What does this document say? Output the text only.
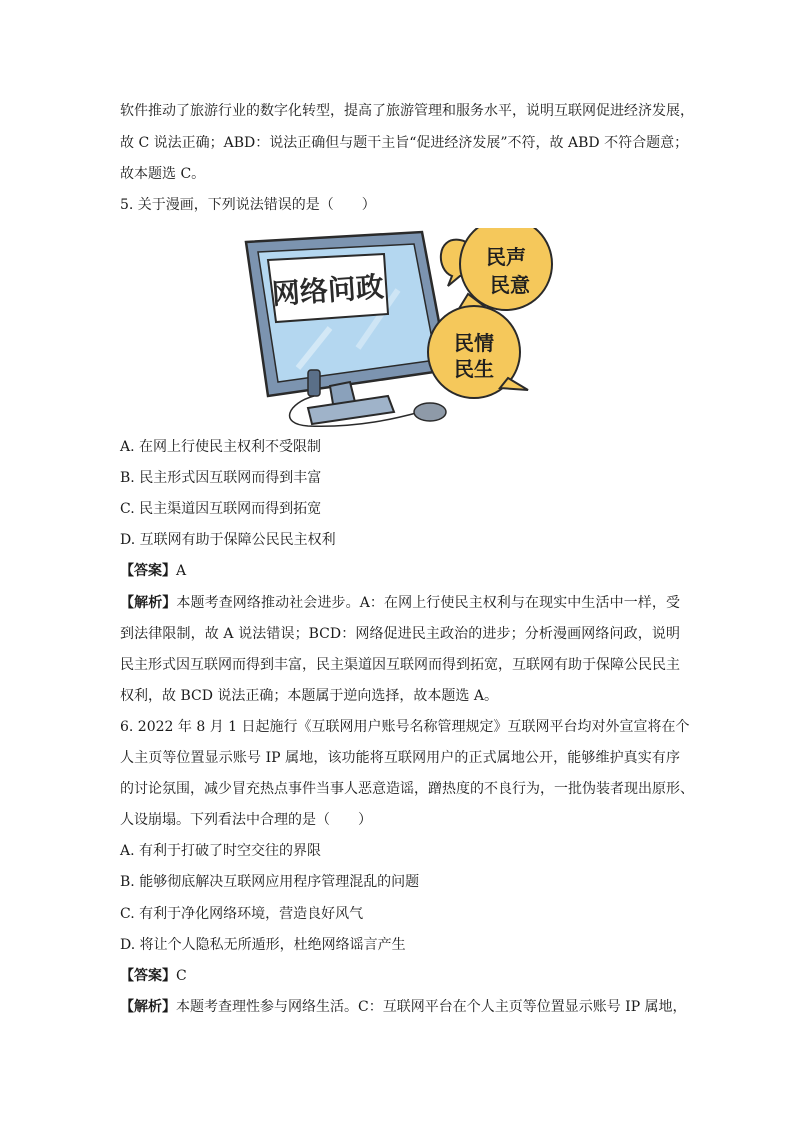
软件推动了旅游行业的数字化转型，提高了旅游管理和服务水平，说明互联网促进经济发展，
故 C 说法正确；ABD：说法正确但与题干主旨“促进经济发展”不符，故 ABD 不符合题意；
故本题选 C。
5. 关于漫画，下列说法错误的是（　　）
网络问政
民声
民意
民情
民生
A. 在网上行使民主权利不受限制
B. 民主形式因互联网而得到丰富
C. 民主渠道因互联网而得到拓宽
D. 互联网有助于保障公民民主权利
【答案】A
【解析】本题考查网络推动社会进步。A：在网上行使民主权利与在现实中生活中一样，受
到法律限制，故 A 说法错误；BCD：网络促进民主政治的进步；分析漫画网络问政，说明
民主形式因互联网而得到丰富，民主渠道因互联网而得到拓宽，互联网有助于保障公民民主
权利，故 BCD 说法正确；本题属于逆向选择，故本题选 A。
6. 2022 年 8 月 1 日起施行《互联网用户账号名称管理规定》互联网平台均对外宣宣将在个
人主页等位置显示账号 IP 属地，该功能将互联网用户的正式属地公开，能够维护真实有序
的讨论氛围，减少冒充热点事件当事人恶意造谣，蹭热度的不良行为，一批伪装者现出原形、
人设崩塌。下列看法中合理的是（　　）
A. 有利于打破了时空交往的界限
B. 能够彻底解决互联网应用程序管理混乱的问题
C. 有利于净化网络环境，营造良好风气
D. 将让个人隐私无所遁形，杜绝网络谣言产生
【答案】C
【解析】本题考查理性参与网络生活。C：互联网平台在个人主页等位置显示账号 IP 属地，
